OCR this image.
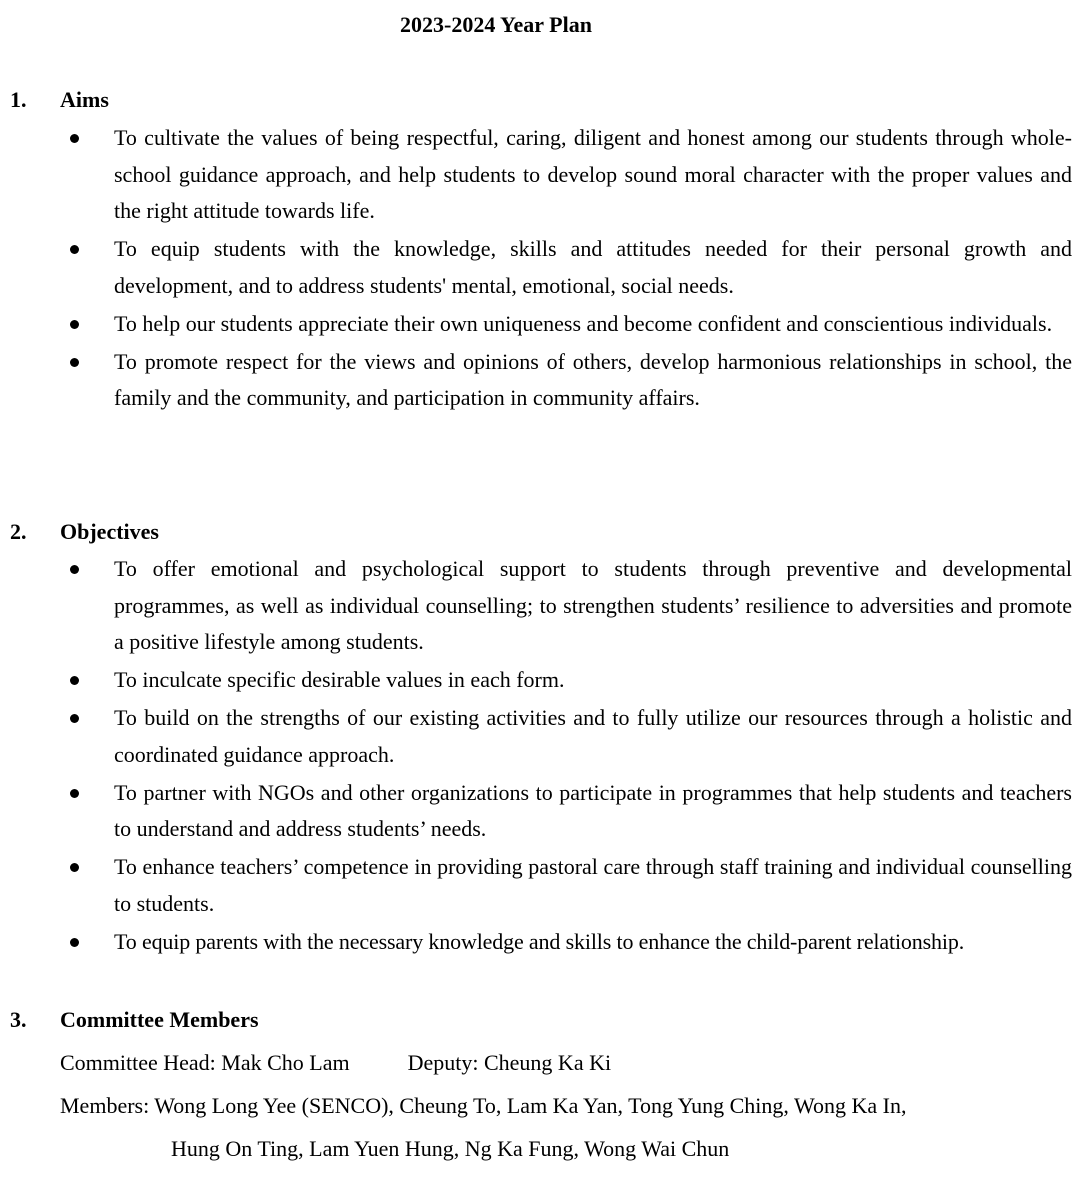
2023-2024 Year Plan
1. Aims
To cultivate the values of being respectful, caring, diligent and honest among our students through whole-school guidance approach, and help students to develop sound moral character with the proper values and the right attitude towards life.
To equip students with the knowledge, skills and attitudes needed for their personal growth and development, and to address students' mental, emotional, social needs.
To help our students appreciate their own uniqueness and become confident and conscientious individuals.
To promote respect for the views and opinions of others, develop harmonious relationships in school, the family and the community, and participation in community affairs.
2. Objectives
To offer emotional and psychological support to students through preventive and developmental programmes, as well as individual counselling; to strengthen students’ resilience to adversities and promote a positive lifestyle among students.
To inculcate specific desirable values in each form.
To build on the strengths of our existing activities and to fully utilize our resources through a holistic and coordinated guidance approach.
To partner with NGOs and other organizations to participate in programmes that help students and teachers to understand and address students’ needs.
To enhance teachers’ competence in providing pastoral care through staff training and individual counselling to students.
To equip parents with the necessary knowledge and skills to enhance the child-parent relationship.
3. Committee Members
Committee Head: Mak Cho Lam	Deputy: Cheung Ka Ki
Members: Wong Long Yee (SENCO), Cheung To, Lam Ka Yan, Tong Yung Ching, Wong Ka In,
Hung On Ting, Lam Yuen Hung, Ng Ka Fung, Wong Wai Chun
